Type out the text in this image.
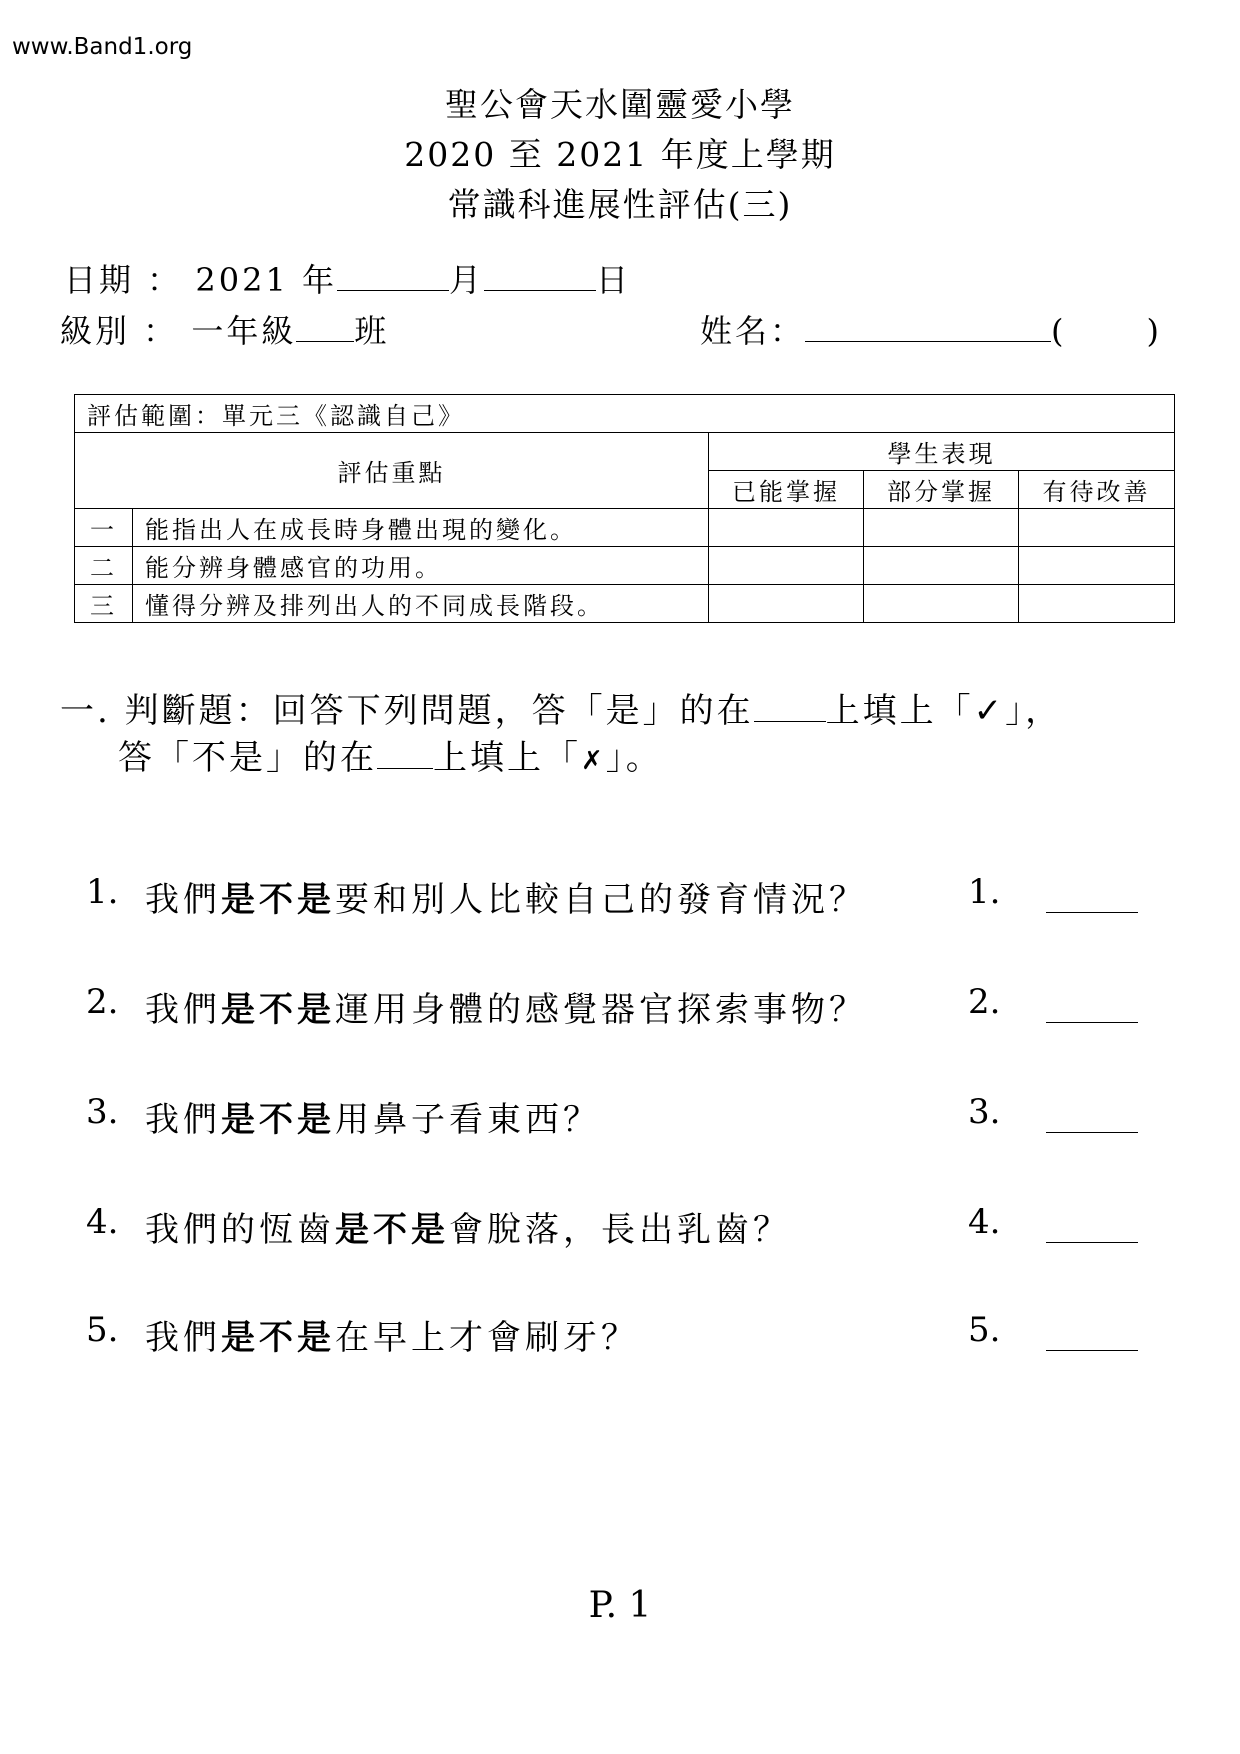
www.Band1.org
聖公會天水圍靈愛小學
2020 至 2021 年度上學期
常識科進展性評估(三)
日期 ： 2021 年	月	日
級別 ： 一年級 班	姓名：	(	)
評估範圍：單元三《認識自己》				
評估重點		學生表現		
		已能掌握	部分掌握	有待改善
一	能指出人在成長時身體出現的變化。			
二	能分辨身體感官的功用。			
三	懂得分辨及排列出人的不同成長階段。			
一. 判斷題：回答下列問題，答「是」的在 上填上「✓」，
答「不是」的在 上填上「✗」。
1. 我們是不是要和別人比較自己的發育情況？	1.
2. 我們是不是運用身體的感覺器官探索事物？	2.
3. 我們是不是用鼻子看東西？	3.
4. 我們的恆齒是不是會脫落，長出乳齒？	4.
5. 我們是不是在早上才會刷牙？	5.
P. 1
